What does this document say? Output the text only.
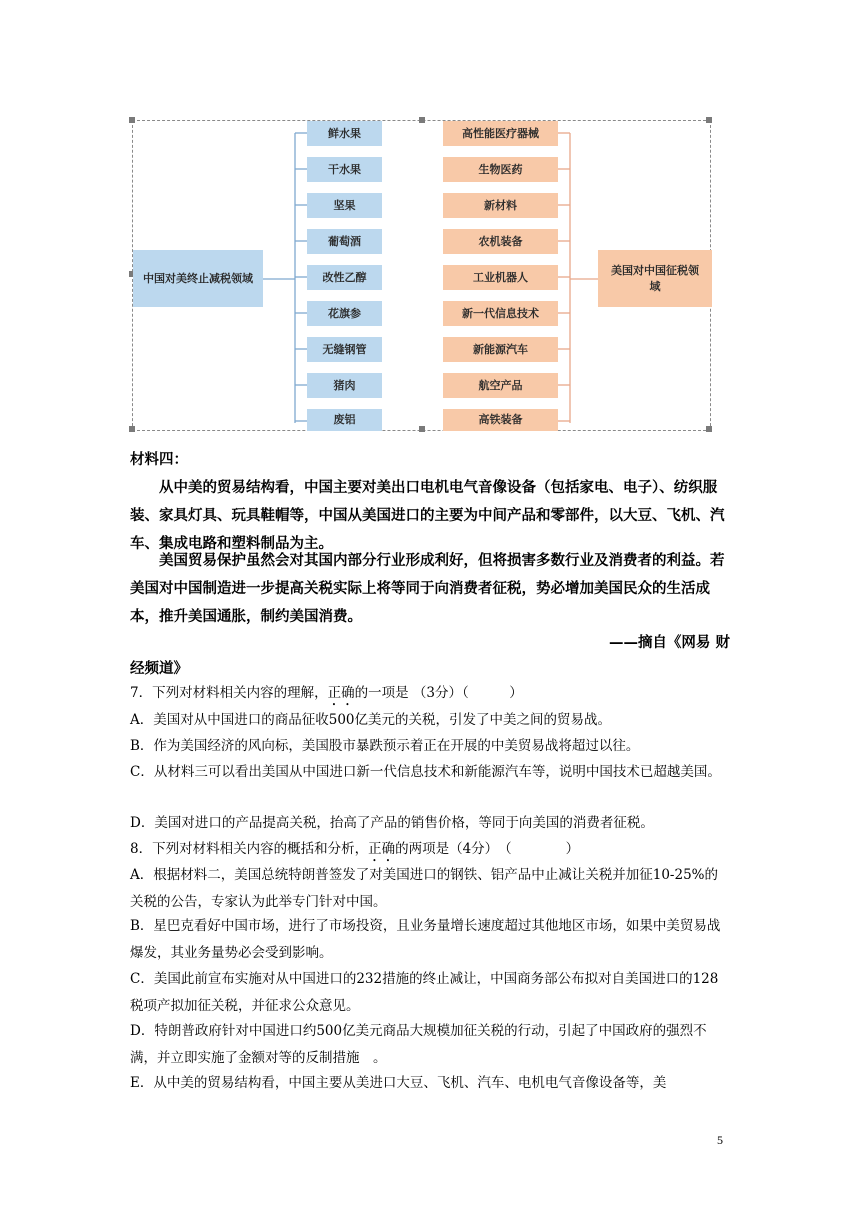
中国对美终止减税领域
美国对中国征税领域
鲜水果
干水果
坚果
葡萄酒
改性乙醇
花旗参
无缝钢管
猪肉
废铝
高性能医疗器械
生物医药
新材料
农机装备
工业机器人
新一代信息技术
新能源汽车
航空产品
高铁装备
材料四：
从中美的贸易结构看，中国主要对美出口电机电气音像设备（包括家电、电子）、纺织服装、家具灯具、玩具鞋帽等，中国从美国进口的主要为中间产品和零部件，以大豆、飞机、汽车、集成电路和塑料制品为主。
美国贸易保护虽然会对其国内部分行业形成利好，但将损害多数行业及消费者的利益。若美国对中国制造进一步提高关税实际上将等同于向消费者征税，势必增加美国民众的生活成本，推升美国通胀，制约美国消费。
——摘自《网易 财
经频道》
7．下列对材料相关内容的理解，正确的一项是 （3分）（　　　）
A．美国对从中国进口的商品征收500亿美元的关税，引发了中美之间的贸易战。
B．作为美国经济的风向标，美国股市暴跌预示着正在开展的中美贸易战将超过以往。
C．从材料三可以看出美国从中国进口新一代信息技术和新能源汽车等，说明中国技术已超越美国。
D．美国对进口的产品提高关税，抬高了产品的销售价格，等同于向美国的消费者征税。
8．下列对材料相关内容的概括和分析，正确的两项是（4分）　（　　　　）
A．根据材料二，美国总统特朗普签发了对美国进口的钢铁、铝产品中止减让关税并加征10-25%的关税的公告，专家认为此举专门针对中国。
B．星巴克看好中国市场，进行了市场投资，且业务量增长速度超过其他地区市场，如果中美贸易战爆发，其业务量势必会受到影响。
C．美国此前宣布实施对从中国进口的232措施的终止减让，中国商务部公布拟对自美国进口的128税项产拟加征关税，并征求公众意见。
D．特朗普政府针对中国进口约500亿美元商品大规模加征关税的行动，引起了中国政府的强烈不满，并立即实施了金额对等的反制措施　。
E．从中美的贸易结构看，中国主要从美进口大豆、飞机、汽车、电机电气音像设备等，美
5
